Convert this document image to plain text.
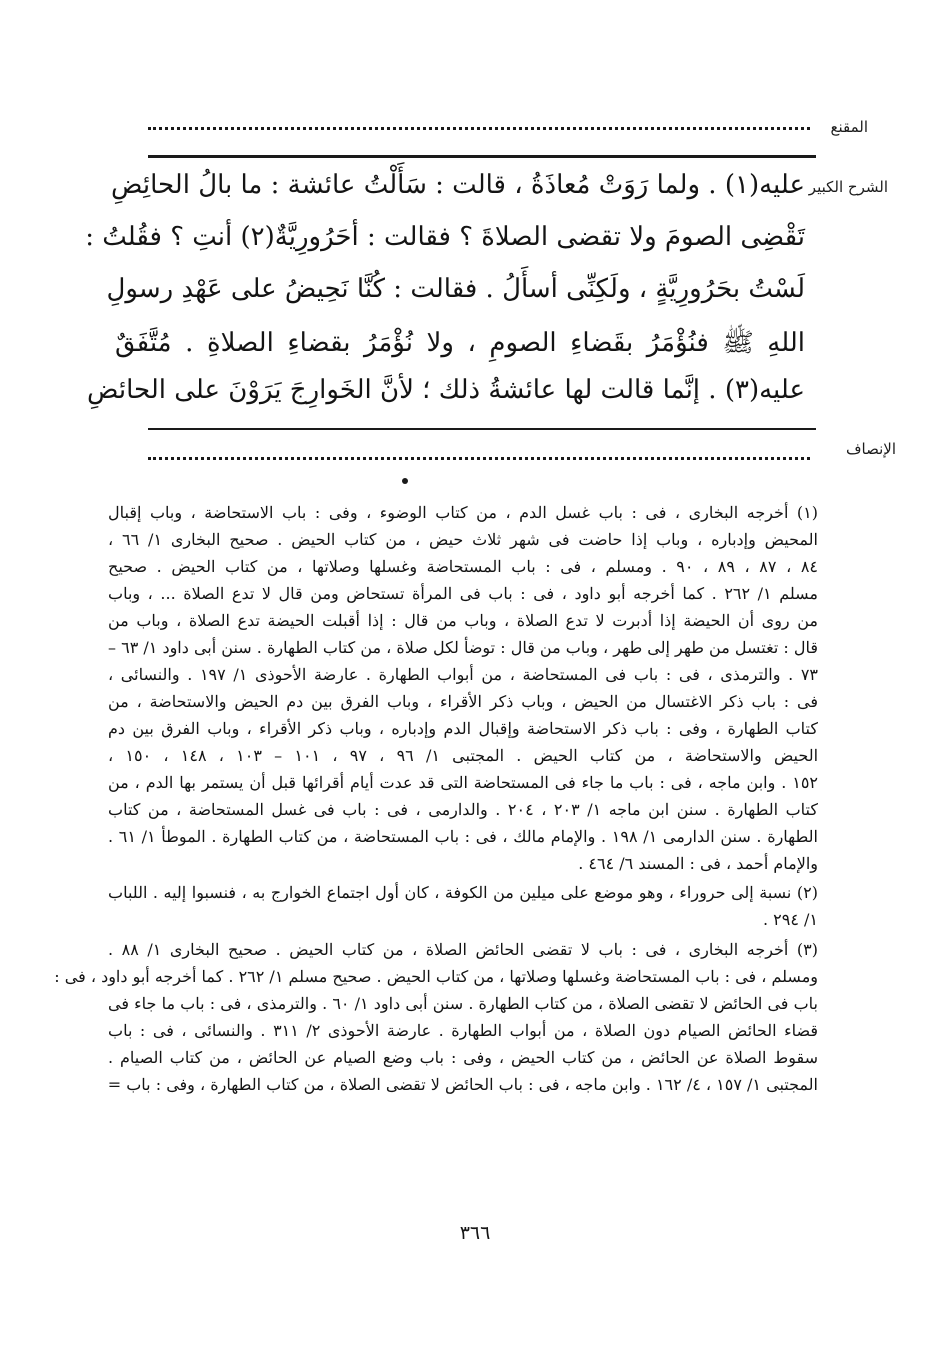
المقنع
الشرح الكبير
الإنصاف
عليه(١) . ولما رَوَتْ مُعاذَةُ ، قالت : سَأَلْتُ عائشة : ما بالُ الحائِضِ
تَقْضِى الصومَ ولا تقضى الصلاةَ ؟ فقالت : أحَرُورِيَّةٌ(٢) أنتِ ؟ فقُلتُ :
لَسْتُ بحَرُورِيَّةٍ ، ولَكِنِّى أسأَلُ . فقالت : كُنَّا نَحِيضُ على عَهْدِ رسولِ
اللهِ ﷺ فنُؤْمَرُ بقَضاءِ الصومِ ، ولا نُؤْمَرُ بقضاءِ الصلاةِ . مُتَّفَقٌ
عليه(٣) . إنَّما قالت لها عائشةُ ذلك ؛ لأنَّ الخَوارِجَ يَرَوْنَ على الحائضِ
(١) أخرجه البخارى ، فى : باب غسل الدم ، من كتاب الوضوء ، وفى : باب الاستحاضة ، وباب إقبال
المحيض وإدباره ، وباب إذا حاضت فى شهر ثلاث حيض ، من كتاب الحيض . صحيح البخارى ١/ ٦٦ ،
٨٤ ، ٨٧ ، ٨٩ ، ٩٠ . ومسلم ، فى : باب المستحاضة وغسلها وصلاتها ، من كتاب الحيض . صحيح
مسلم ١/ ٢٦٢ . كما أخرجه أبو داود ، فى : باب فى المرأة تستحاض ومن قال لا تدع الصلاة ... ، وباب
من روى أن الحيضة إذا أدبرت لا تدع الصلاة ، وباب من قال : إذا أقبلت الحيضة تدع الصلاة ، وباب من
قال : تغتسل من طهر إلى طهر ، وباب من قال : توضأ لكل صلاة ، من كتاب الطهارة . سنن أبى داود ١/ ٦٣ –
٧٣ . والترمذى ، فى : باب فى المستحاضة ، من أبواب الطهارة . عارضة الأحوذى ١/ ١٩٧ . والنسائى ،
فى : باب ذكر الاغتسال من الحيض ، وباب ذكر الأقراء ، وباب الفرق بين دم الحيض والاستحاضة ، من
كتاب الطهارة ، وفى : باب ذكر الاستحاضة وإقبال الدم وإدباره ، وباب ذكر الأقراء ، وباب الفرق بين دم
الحيض والاستحاضة ، من كتاب الحيض . المجتبى ١/ ٩٦ ، ٩٧ ، ١٠١ – ١٠٣ ، ١٤٨ ، ١٥٠ ،
١٥٢ . وابن ماجه ، فى : باب ما جاء فى المستحاضة التى قد عدت أيام أقرائها قبل أن يستمر بها الدم ، من
كتاب الطهارة . سنن ابن ماجه ١/ ٢٠٣ ، ٢٠٤ . والدارمى ، فى : باب فى غسل المستحاضة ، من كتاب
الطهارة . سنن الدارمى ١/ ١٩٨ . والإمام مالك ، فى : باب المستحاضة ، من كتاب الطهارة . الموطأ ١/ ٦١ .
والإمام أحمد ، فى : المسند ٦/ ٤٦٤ .
(٢) نسبة إلى حروراء ، وهو موضع على ميلين من الكوفة ، كان أول اجتماع الخوارج به ، فنسبوا إليه . اللباب
١/ ٢٩٤ .
(٣) أخرجه البخارى ، فى : باب لا تقضى الحائض الصلاة ، من كتاب الحيض . صحيح البخارى ١/ ٨٨ .
ومسلم ، فى : باب المستحاضة وغسلها وصلاتها ، من كتاب الحيض . صحيح مسلم ١/ ٢٦٢ . كما أخرجه أبو داود ، فى :
باب فى الحائض لا تقضى الصلاة ، من كتاب الطهارة . سنن أبى داود ١/ ٦٠ . والترمذى ، فى : باب ما جاء فى
قضاء الحائض الصيام دون الصلاة ، من أبواب الطهارة . عارضة الأحوذى ٢/ ٣١١ . والنسائى ، فى : باب
سقوط الصلاة عن الحائض ، من كتاب الحيض ، وفى : باب وضع الصيام عن الحائض ، من كتاب الصيام .
المجتبى ١/ ١٥٧ ، ٤/ ١٦٢ . وابن ماجه ، فى : باب الحائض لا تقضى الصلاة ، من كتاب الطهارة ، وفى : باب =
٣٦٦
